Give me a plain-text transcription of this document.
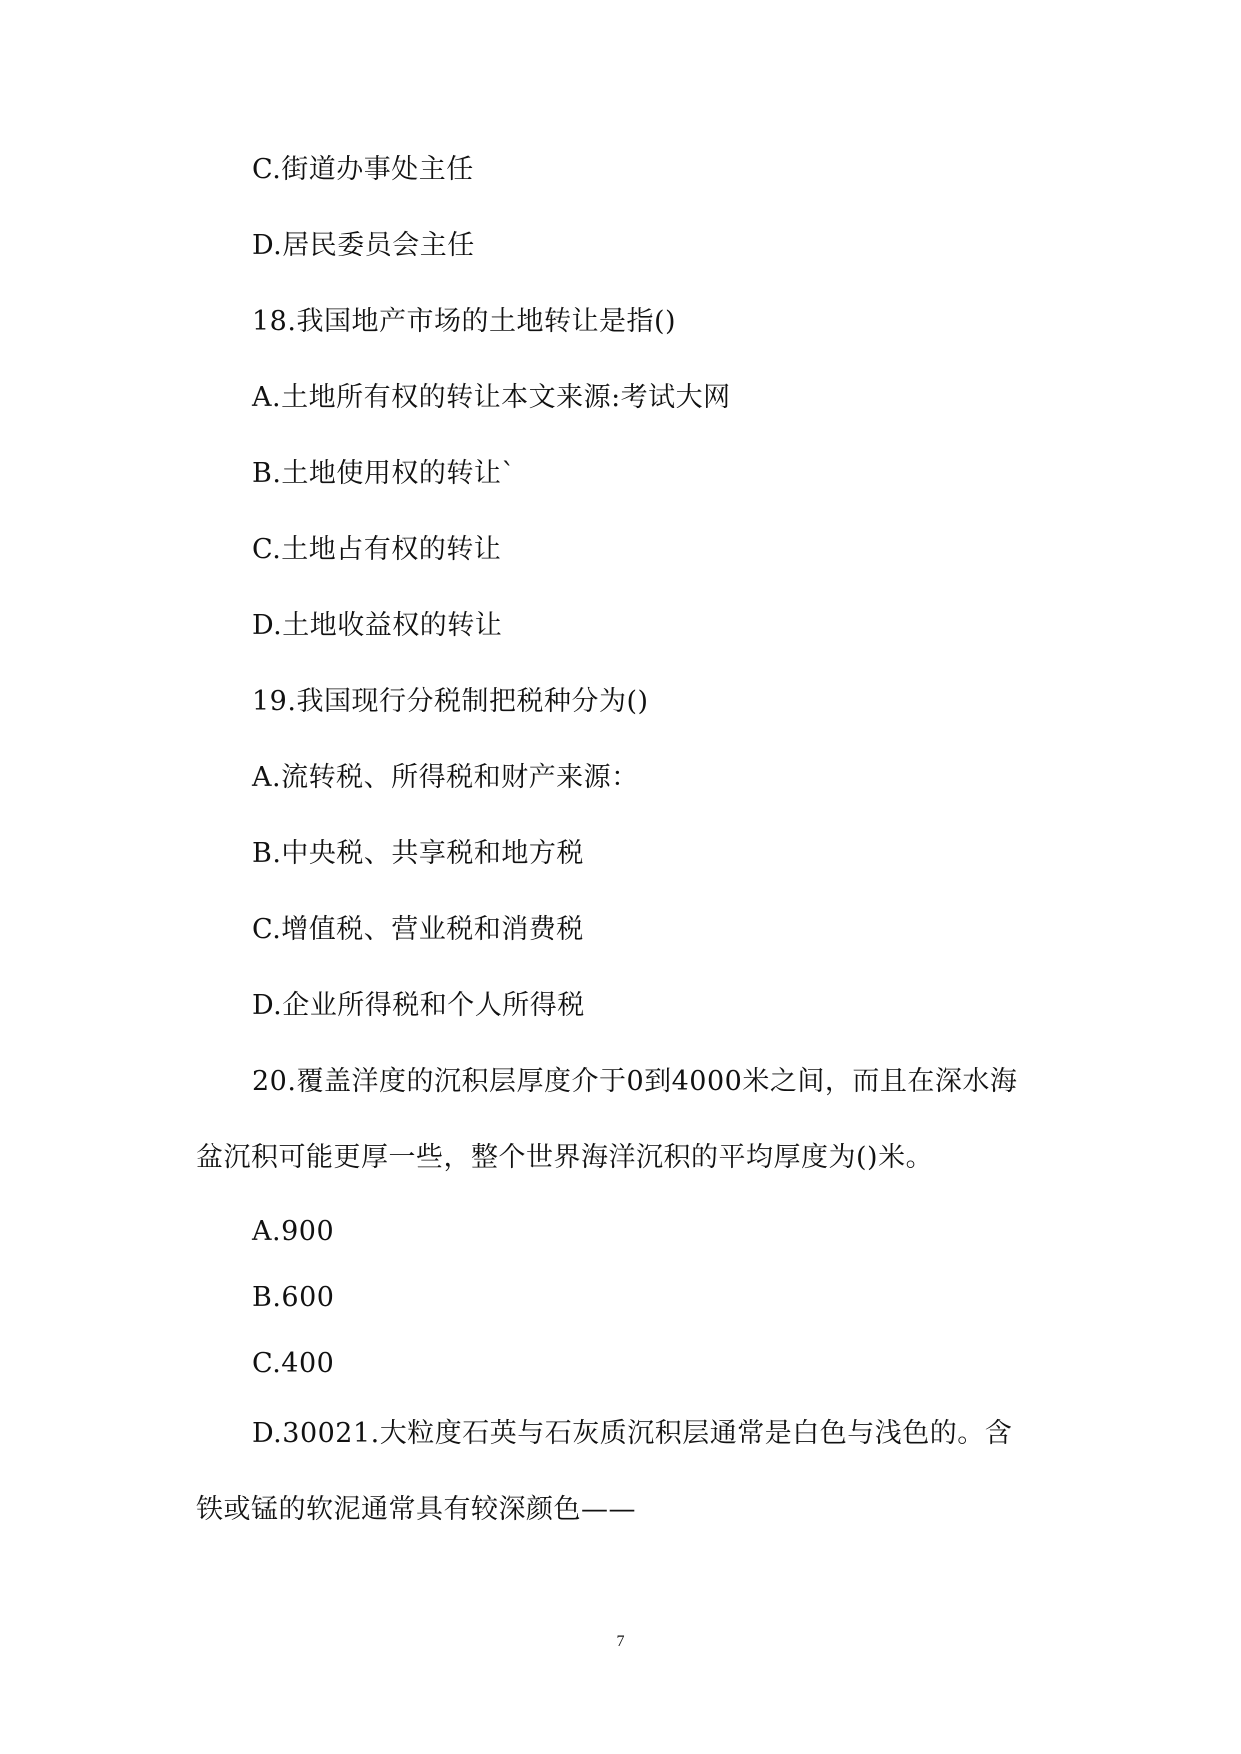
C.街道办事处主任
D.居民委员会主任
18.我国地产市场的土地转让是指()
A.土地所有权的转让本文来源:考试大网
B.土地使用权的转让`
C.土地占有权的转让
D.土地收益权的转让
19.我国现行分税制把税种分为()
A.流转税、所得税和财产来源：
B.中央税、共享税和地方税
C.增值税、营业税和消费税
D.企业所得税和个人所得税
20.覆盖洋度的沉积层厚度介于0到4000米之间，而且在深水海
盆沉积可能更厚一些，整个世界海洋沉积的平均厚度为()米。
A.900
B.600
C.400
D.30021.大粒度石英与石灰质沉积层通常是白色与浅色的。含
铁或锰的软泥通常具有较深颜色——
7
